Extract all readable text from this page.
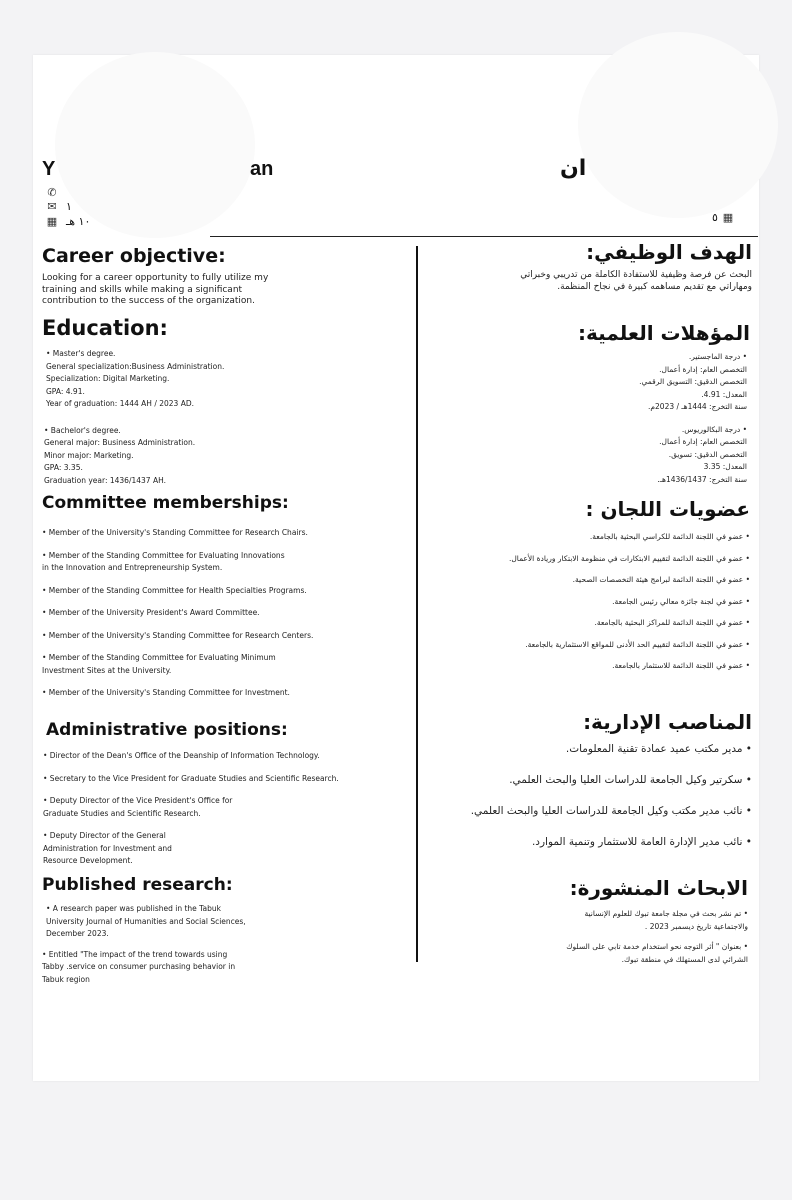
Y	an	ان
✆
✉ ١
▦ ١٠ هـ	٥ ▦
Career objective:

Looking for a career opportunity to fully utilize my training and skills while making a significant contribution to the success of the organization.

Education:

• Master's degree.

General specialization:Business Administration.

Specialization: Digital Marketing.

GPA: 4.91.

Year of graduation: 1444 AH / 2023 AD.

• Bachelor's degree.

General major: Business Administration.

Minor major: Marketing.

GPA: 3.35.

Graduation year: 1436/1437 AH.

Committee memberships:

• Member of the University's Standing Committee for Research Chairs.

• Member of the Standing Committee for Evaluating Innovations in the Innovation and Entrepreneurship System.

• Member of the Standing Committee for Health Specialties Programs.

• Member of the University President's Award Committee.

• Member of the University's Standing Committee for Research Centers.

• Member of the Standing Committee for Evaluating Minimum Investment Sites at the University.

• Member of the University's Standing Committee for Investment.

Administrative positions:

• Director of the Dean's Office of the Deanship of Information Technology.

• Secretary to the Vice President for Graduate Studies and Scientific Research.

• Deputy Director of the Vice President's Office for Graduate Studies and Scientific Research.

• Deputy Director of the General Administration for Investment and Resource Development.

Published research:

• A research paper was published in the Tabuk University Journal of Humanities and Social Sciences, December 2023.

• Entitled "The impact of the trend towards using Tabby .service on consumer purchasing behavior in Tabuk region

الهدف الوظيفي:

البحث عن فرصة وظيفية للاستفادة الكاملة من تدريبي وخبراتي ومهاراتي مع تقديم مساهمه كبيرة في نجاح المنظمة.

المؤهلات العلمية:

• درجة الماجستير.

التخصص العام: إدارة أعمال.

التخصص الدقيق: التسويق الرقمي.

المعدل: 4.91.

سنة التخرج: 1444هـ / 2023م.

• درجة البكالوريوس.

التخصص العام: إدارة أعمال.

التخصص الدقيق: تسويق.

المعدل: 3.35

سنة التخرج: 1436/1437هـ.

عضويات اللجان :

• عضو في اللجنة الدائمة للكراسي البحثية بالجامعة.

• عضو في اللجنة الدائمة لتقييم الابتكارات في منظومة الابتكار وريادة الأعمال.

• عضو في اللجنة الدائمة لبرامج هيئة التخصصات الصحية.

• عضو في لجنة جائزة معالي رئيس الجامعة.

• عضو في اللجنة الدائمة للمراكز البحثية بالجامعة.

• عضو في اللجنة الدائمة لتقييم الحد الأدنى للمواقع الاستثمارية بالجامعة.

• عضو في اللجنة الدائمة للاستثمار بالجامعة.

المناصب الإدارية:

• مدير مكتب عميد عمادة تقنية المعلومات.

• سكرتير وكيل الجامعة للدراسات العليا والبحث العلمي.

• نائب مدير مكتب وكيل الجامعة للدراسات العليا والبحث العلمي.

• نائب مدير الإدارة العامة للاستثمار وتنمية الموارد.

الابحاث المنشورة:

• تم نشر بحث في مجلة جامعة تبوك للعلوم الإنسانية والاجتماعية تاريخ ديسمبر 2023 .

• بعنوان " أثر التوجه نحو استخدام خدمة تابي على السلوك الشرائي لدى المستهلك في منطقة تبوك.
